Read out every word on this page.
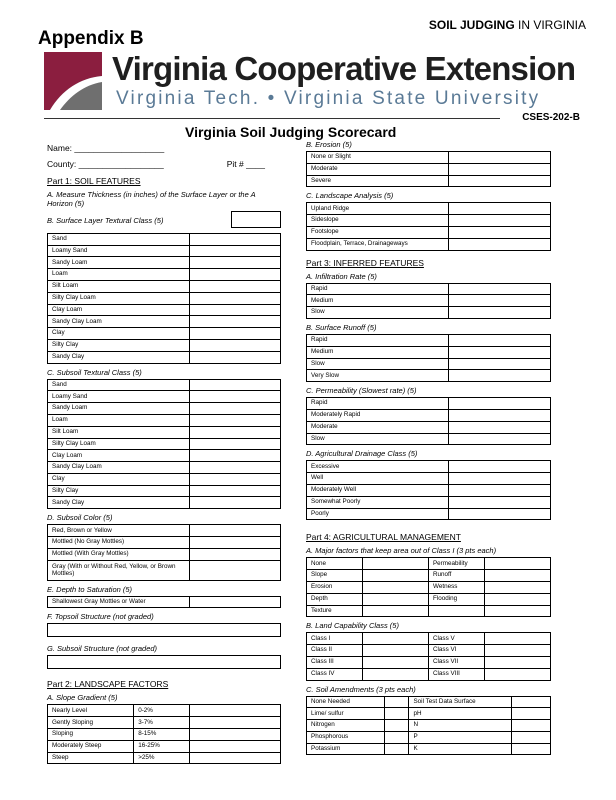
SOIL JUDGING IN VIRGINIA
Appendix B
Virginia Cooperative Extension
Virginia Tech. • Virginia State University
CSES-202-B
Virginia Soil Judging Scorecard
Name: ___________________
County: __________________	Pit # ____
Part 1: SOIL FEATURES
A. Measure Thickness (in inches) of the Surface Layer or the A Horizon (5)
B. Surface Layer Textural Class (5)
Sand	
Loamy Sand	
Sandy Loam	
Loam	
Silt Loam	
Silty Clay Loam	
Clay Loam	
Sandy Clay Loam	
Clay	
Silty Clay	
Sandy Clay	
C. Subsoil Textural Class (5)
Sand	
Loamy Sand	
Sandy Loam	
Loam	
Silt Loam	
Silty Clay Loam	
Clay Loam	
Sandy Clay Loam	
Clay	
Silty Clay	
Sandy Clay	
D. Subsoil Color (5)
Red, Brown or Yellow	
Mottled (No Gray Mottles)	
Mottled (With Gray Mottles)	
Gray (With or Without Red, Yellow, or Brown Mottles)	
E. Depth to Saturation (5)
Shallowest Gray Mottles or Water	
F. Topsoil Structure (not graded)
G. Subsoil Structure (not graded)
Part 2: LANDSCAPE FACTORS
A. Slope Gradient (5)
Nearly Level	0-2%	
Gently Sloping	3-7%	
Sloping	8-15%	
Moderately Steep	16-25%	
Steep	>25%	
B. Erosion (5)
None or Slight	
Moderate	
Severe	
C. Landscape Analysis (5)
Upland Ridge	
Sideslope	
Footslope	
Floodplain, Terrace, Drainageways	
Part 3: INFERRED FEATURES
A. Infiltration Rate (5)
Rapid	
Medium	
Slow	
B. Surface Runoff (5)
Rapid	
Medium	
Slow	
Very Slow	
C. Permeability (Slowest rate) (5)
Rapid	
Moderately Rapid	
Moderate	
Slow	
D. Agricultural Drainage Class (5)
Excessive	
Well	
Moderately Well	
Somewhat Poorly	
Poorly	
Part 4: AGRICULTURAL MANAGEMENT
A. Major factors that keep area out of Class I (3 pts each)
None		Permeability	
Slope		Runoff	
Erosion		Wetness	
Depth		Flooding	
Texture			
B. Land Capability Class (5)
Class I		Class V	
Class II		Class VI	
Class III		Class VII	
Class IV		Class VIII	
C. Soil Amendments (3 pts each)
None Needed		Soil Test Data Surface	
Lime/ sulfur		pH	
Nitrogen		N	
Phosphorous		P	
Potassium		K	
